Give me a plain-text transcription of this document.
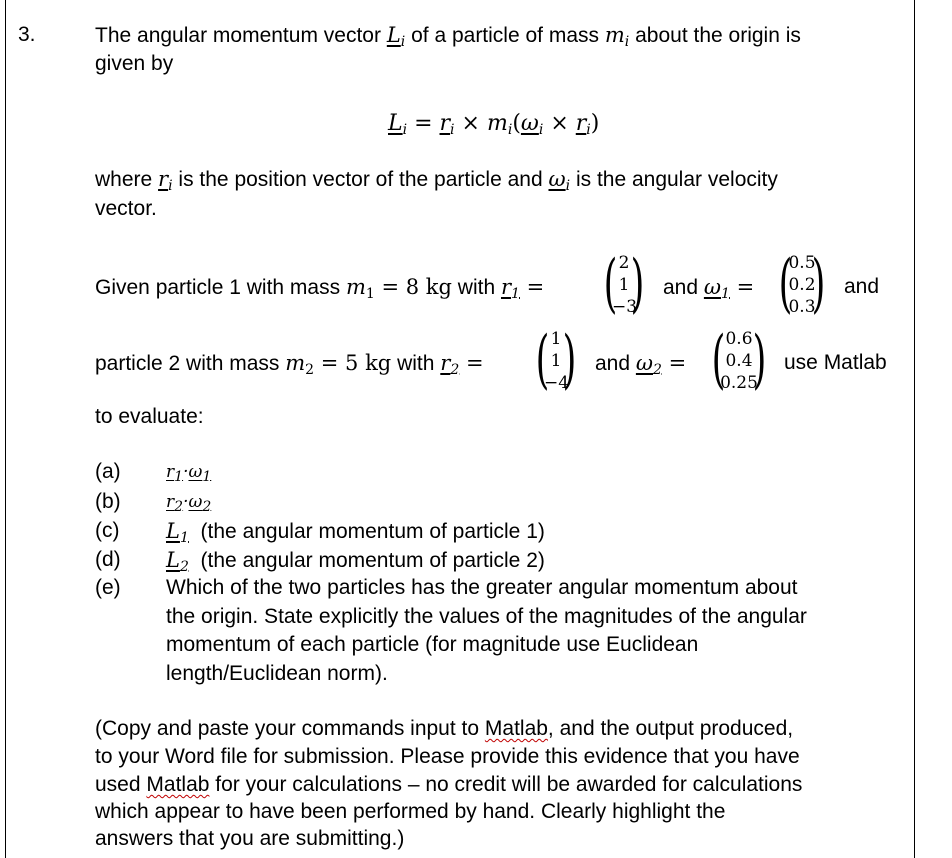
3.	The angular momentum vector $L_i$ of a particle of mass $m_i$ about the origin is
given by
$L_i = r_i \times m_i(\omega_i \times r_i)$
where $r_i$ is the position vector of the particle and $\omega_i$ is the angular velocity
vector.
Given particle 1 with mass $m_1 = 8$ kg with $r_1$ = ( )
2
1
−3
and $\omega_1$ = ( )
0.5
0.2
0.3
and
particle 2 with mass $m_2 = 5$ kg with $r_2$ = ( )
1
1
−4
and $\omega_2$ = ( )
0.6
0.4
0.25
use Matlab
to evaluate:
(a)	$r_1\cdot\omega_1$
(b)	$r_2\cdot\omega_2$
(c) $L_1$ (the angular momentum of particle 1)
(d) $L_2$ (the angular momentum of particle 2)
(e) Which of the two particles has the greater angular momentum about
the origin. State explicitly the values of the magnitudes of the angular
momentum of each particle (for magnitude use Euclidean
length/Euclidean norm).
(Copy and paste your commands input to Matlab, and the output produced,
to your Word file for submission. Please provide this evidence that you have
used Matlab for your calculations – no credit will be awarded for calculations
which appear to have been performed by hand. Clearly highlight the
answers that you are submitting.)
